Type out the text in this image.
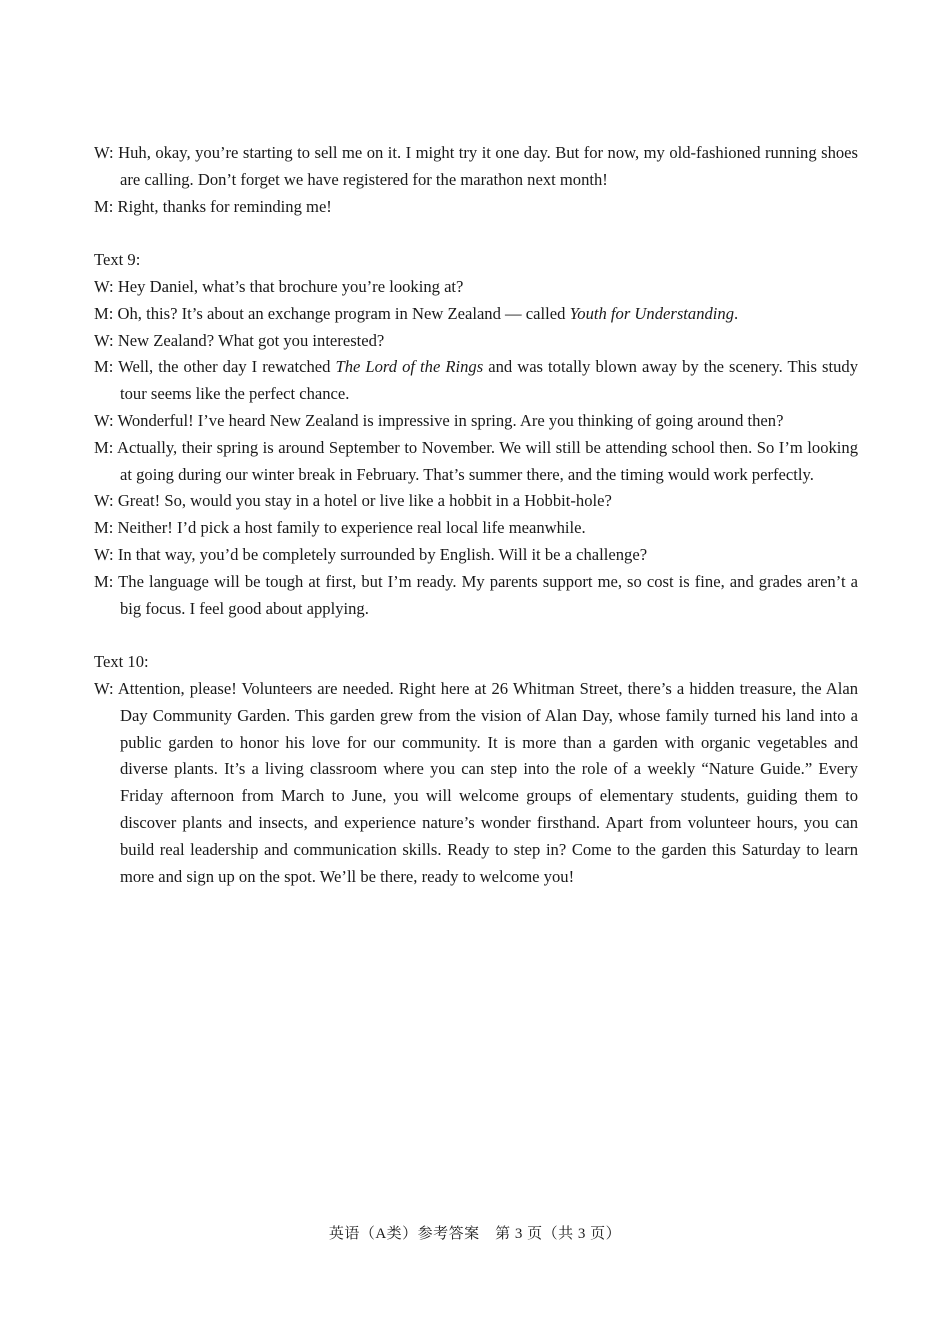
W: Huh, okay, you’re starting to sell me on it. I might try it one day. But for now, my old-fashioned running shoes are calling. Don’t forget we have registered for the marathon next month!

M: Right, thanks for reminding me!

Text 9:

W: Hey Daniel, what’s that brochure you’re looking at?

M: Oh, this? It’s about an exchange program in New Zealand — called Youth for Understanding.

W: New Zealand? What got you interested?

M: Well, the other day I rewatched The Lord of the Rings and was totally blown away by the scenery. This study tour seems like the perfect chance.

W: Wonderful! I’ve heard New Zealand is impressive in spring. Are you thinking of going around then?

M: Actually, their spring is around September to November. We will still be attending school then. So I’m looking at going during our winter break in February. That’s summer there, and the timing would work perfectly.

W: Great! So, would you stay in a hotel or live like a hobbit in a Hobbit-hole?

M: Neither! I’d pick a host family to experience real local life meanwhile.

W: In that way, you’d be completely surrounded by English. Will it be a challenge?

M: The language will be tough at first, but I’m ready. My parents support me, so cost is fine, and grades aren’t a big focus. I feel good about applying.

Text 10:

W: Attention, please! Volunteers are needed. Right here at 26 Whitman Street, there’s a hidden treasure, the Alan Day Community Garden. This garden grew from the vision of Alan Day, whose family turned his land into a public garden to honor his love for our community. It is more than a garden with organic vegetables and diverse plants. It’s a living classroom where you can step into the role of a weekly “Nature Guide.” Every Friday afternoon from March to June, you will welcome groups of elementary students, guiding them to discover plants and insects, and experience nature’s wonder firsthand. Apart from volunteer hours, you can build real leadership and communication skills. Ready to step in? Come to the garden this Saturday to learn more and sign up on the spot. We’ll be there, ready to welcome you!

英语（A类）参考答案　第 3 页（共 3 页）
